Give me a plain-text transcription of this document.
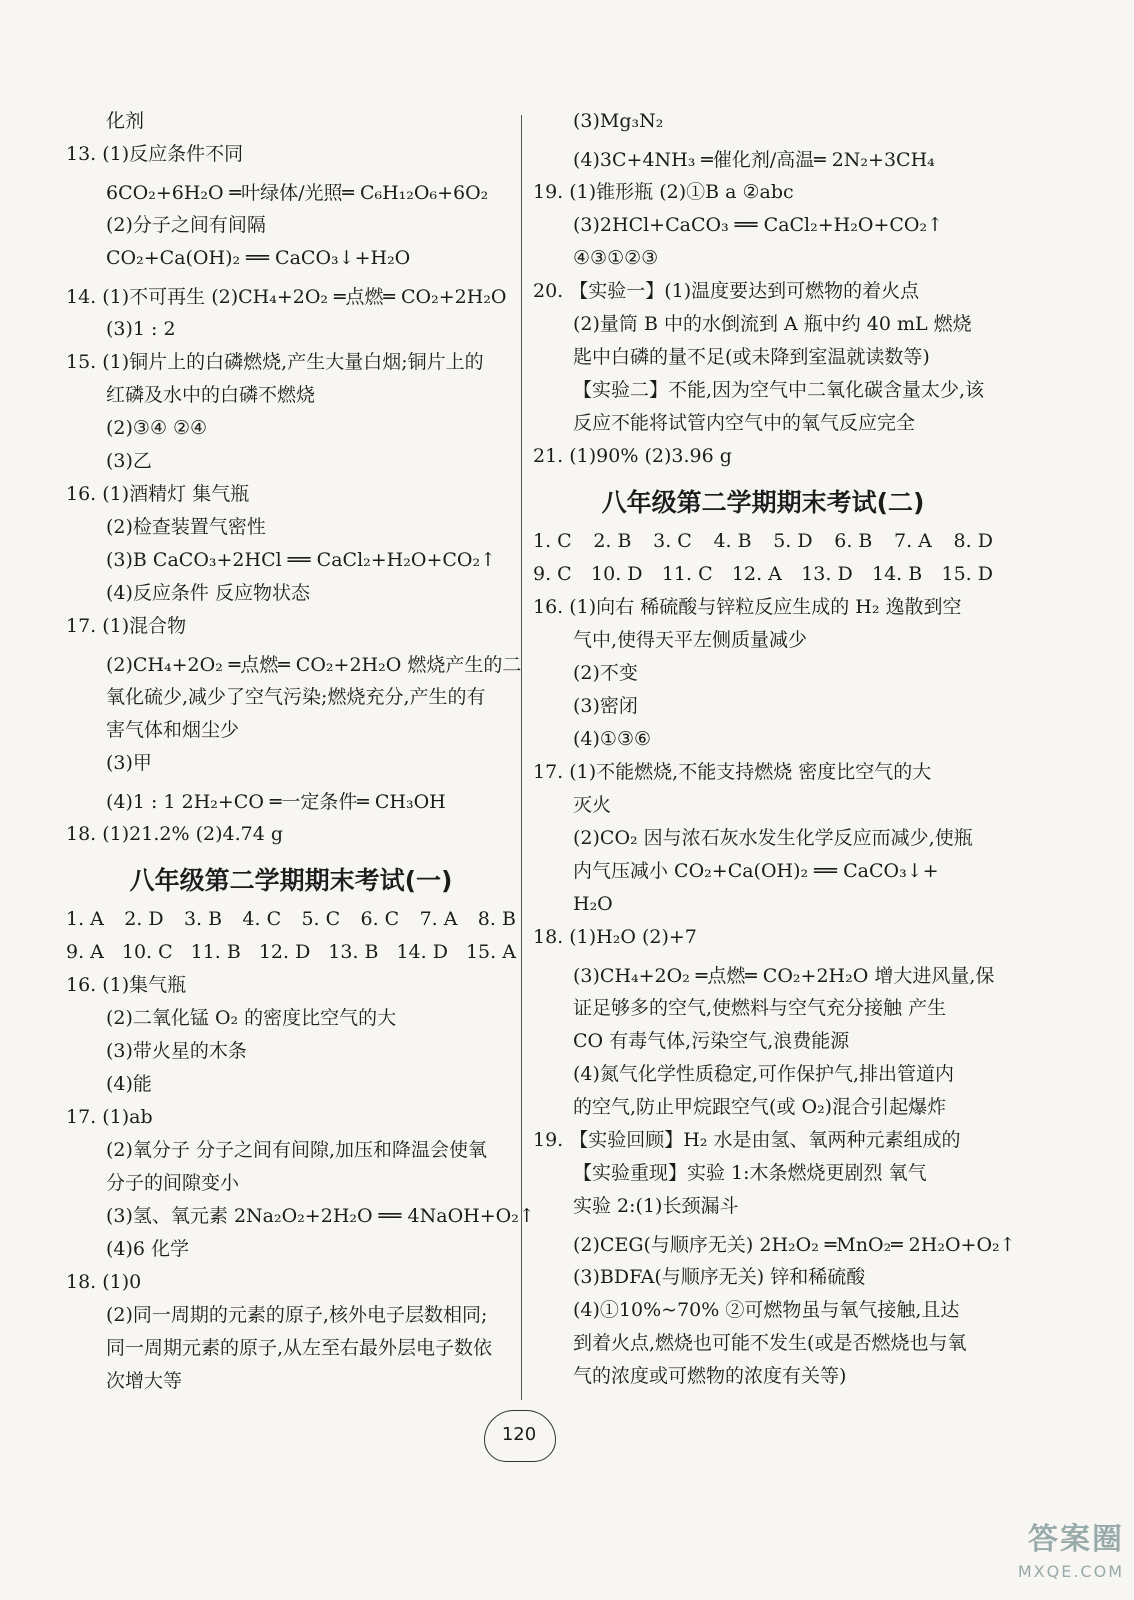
化剂
13. (1)反应条件不同
6CO₂+6H₂O ═叶绿体/光照═ C₆H₁₂O₆+6O₂
(2)分子之间有间隔
CO₂+Ca(OH)₂ ══ CaCO₃↓+H₂O
14. (1)不可再生 (2)CH₄+2O₂ ═点燃═ CO₂+2H₂O
(3)1 : 2
15. (1)铜片上的白磷燃烧,产生大量白烟;铜片上的
红磷及水中的白磷不燃烧
(2)③④ ②④
(3)乙
16. (1)酒精灯 集气瓶
(2)检查装置气密性
(3)B CaCO₃+2HCl ══ CaCl₂+H₂O+CO₂↑
(4)反应条件 反应物状态
17. (1)混合物
(2)CH₄+2O₂ ═点燃═ CO₂+2H₂O 燃烧产生的二
氧化硫少,减少了空气污染;燃烧充分,产生的有
害气体和烟尘少
(3)甲
(4)1 : 1 2H₂+CO ═一定条件═ CH₃OH
18. (1)21.2% (2)4.74 g
八年级第二学期期末考试(一)
1. A 2. D 3. B 4. C 5. C 6. C 7. A 8. B
9. A 10. C 11. B 12. D 13. B 14. D 15. A
16. (1)集气瓶
(2)二氧化锰 O₂ 的密度比空气的大
(3)带火星的木条
(4)能
17. (1)ab
(2)氧分子 分子之间有间隙,加压和降温会使氧
分子的间隙变小
(3)氢、氧元素 2Na₂O₂+2H₂O ══ 4NaOH+O₂↑
(4)6 化学
18. (1)0
(2)同一周期的元素的原子,核外电子层数相同;
同一周期元素的原子,从左至右最外层电子数依
次增大等
(3)Mg₃N₂
(4)3C+4NH₃ ═催化剂/高温═ 2N₂+3CH₄
19. (1)锥形瓶 (2)①B a ②abc
(3)2HCl+CaCO₃ ══ CaCl₂+H₂O+CO₂↑
④③①②③
20. 【实验一】(1)温度要达到可燃物的着火点
(2)量筒 B 中的水倒流到 A 瓶中约 40 mL 燃烧
匙中白磷的量不足(或未降到室温就读数等)
【实验二】不能,因为空气中二氧化碳含量太少,该
反应不能将试管内空气中的氧气反应完全
21. (1)90% (2)3.96 g
八年级第二学期期末考试(二)
1. C 2. B 3. C 4. B 5. D 6. B 7. A 8. D
9. C 10. D 11. C 12. A 13. D 14. B 15. D
16. (1)向右 稀硫酸与锌粒反应生成的 H₂ 逸散到空
气中,使得天平左侧质量减少
(2)不变
(3)密闭
(4)①③⑥
17. (1)不能燃烧,不能支持燃烧 密度比空气的大
灭火
(2)CO₂ 因与浓石灰水发生化学反应而减少,使瓶
内气压减小 CO₂+Ca(OH)₂ ══ CaCO₃↓+
H₂O
18. (1)H₂O (2)+7
(3)CH₄+2O₂ ═点燃═ CO₂+2H₂O 增大进风量,保
证足够多的空气,使燃料与空气充分接触 产生
CO 有毒气体,污染空气,浪费能源
(4)氮气化学性质稳定,可作保护气,排出管道内
的空气,防止甲烷跟空气(或 O₂)混合引起爆炸
19. 【实验回顾】H₂ 水是由氢、氧两种元素组成的
【实验重现】实验 1:木条燃烧更剧烈 氧气
实验 2:(1)长颈漏斗
(2)CEG(与顺序无关) 2H₂O₂ ═MnO₂═ 2H₂O+O₂↑
(3)BDFA(与顺序无关) 锌和稀硫酸
(4)①10%~70% ②可燃物虽与氧气接触,且达
到着火点,燃烧也可能不发生(或是否燃烧也与氧
气的浓度或可燃物的浓度有关等)
120
答案圈
MXQE.COM
